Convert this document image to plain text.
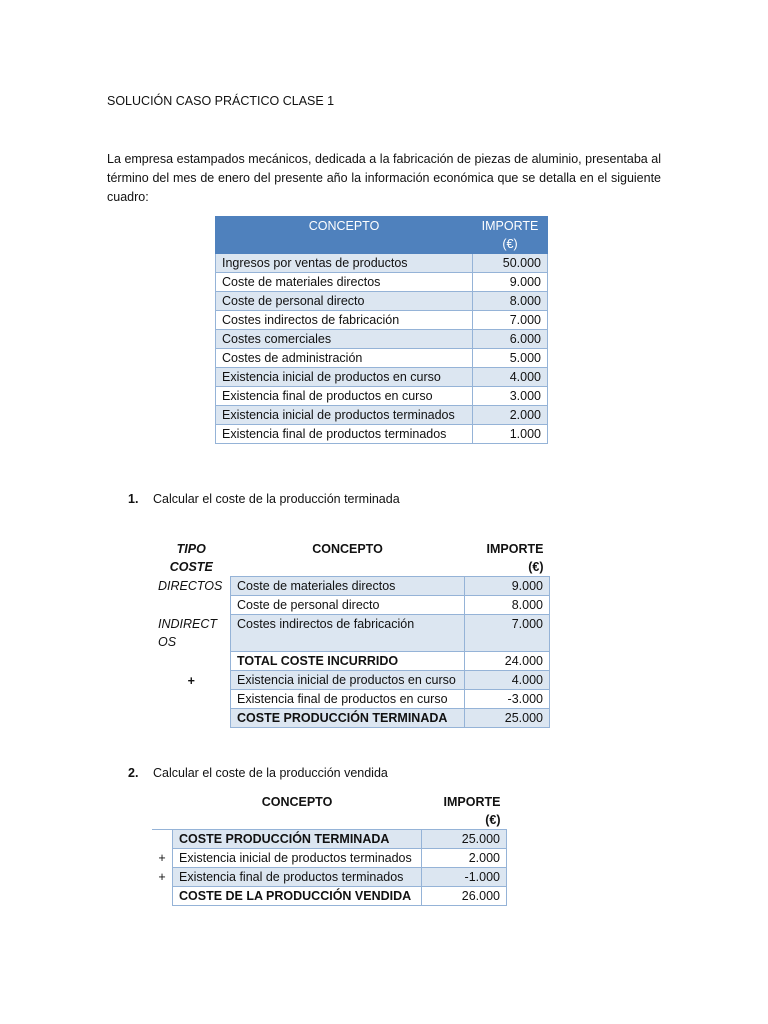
SOLUCIÓN CASO PRÁCTICO CLASE 1
La empresa estampados mecánicos, dedicada a la fabricación de piezas de aluminio, presentaba al término del mes de enero del presente año la información económica que se detalla en el siguiente cuadro:
CONCEPTO	IMPORTE (€)
Ingresos por ventas de productos	50.000
Coste de materiales directos	9.000
Coste de personal directo	8.000
Costes indirectos de fabricación	7.000
Costes comerciales	6.000
Costes de administración	5.000
Existencia inicial de productos en curso	4.000
Existencia final de productos en curso	3.000
Existencia inicial de productos terminados	2.000
Existencia final de productos terminados	1.000
1. Calcular el coste de la producción terminada
TIPO COSTE	CONCEPTO	IMPORTE (€)
DIRECTOS	Coste de materiales directos	9.000
	Coste de personal directo	8.000
INDIRECTOS	Costes indirectos de fabricación	7.000
	TOTAL COSTE INCURRIDO	24.000
+	Existencia inicial de productos en curso	4.000
	Existencia final de productos en curso	-3.000
	COSTE PRODUCCIÓN TERMINADA	25.000
2. Calcular el coste de la producción vendida
	CONCEPTO	IMPORTE (€)
	COSTE PRODUCCIÓN TERMINADA	25.000
+	Existencia inicial de productos terminados	2.000
+	Existencia final de productos terminados	-1.000
	COSTE DE LA PRODUCCIÓN VENDIDA	26.000
